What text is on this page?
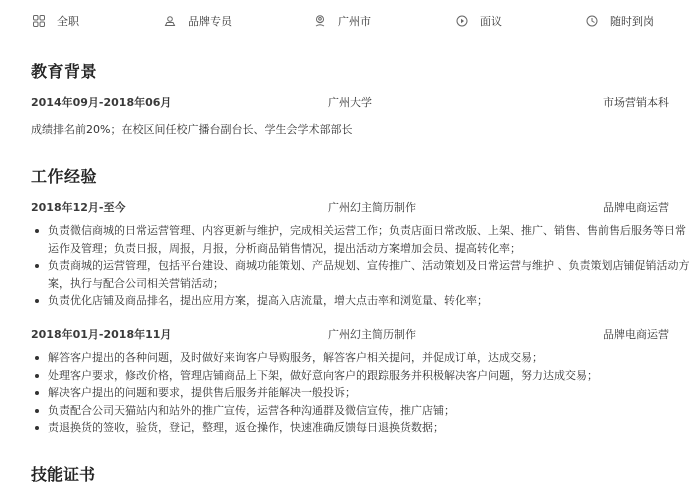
全职	品牌专员	广州市	面议	随时到岗
教育背景
2014年09月-2018年06月	广州大学	市场营销本科
成绩排名前20%；在校区间任校广播台副台长、学生会学术部部长
工作经验
2018年12月-至今	广州幻主简历制作	品牌电商运营
负责微信商城的日常运营管理、内容更新与维护，完成相关运营工作；负责店面日常改版、上架、推广、销售、售前售后服务等日常运作及管理；负责日报，周报，月报，分析商品销售情况，提出活动方案增加会员、提高转化率；
负责商城的运营管理，包括平台建设、商城功能策划、产品规划、宣传推广、活动策划及日常运营与维护 、负责策划店铺促销活动方案，执行与配合公司相关营销活动；
负责优化店铺及商品排名，提出应用方案，提高入店流量，增大点击率和浏览量、转化率；
2018年01月-2018年11月	广州幻主简历制作	品牌电商运营
解答客户提出的各种问题，及时做好来询客户导购服务，解答客户相关提问，并促成订单，达成交易；
处理客户要求，修改价格，管理店铺商品上下架，做好意向客户的跟踪服务并积极解决客户问题，努力达成交易；
解决客户提出的问题和要求，提供售后服务并能解决一般投诉；
负责配合公司天猫站内和站外的推广宣传，运营各种沟通群及微信宣传，推广店铺；
责退换货的签收，验货，登记，整理，返仓操作，快速准确反馈每日退换货数据；
技能证书
